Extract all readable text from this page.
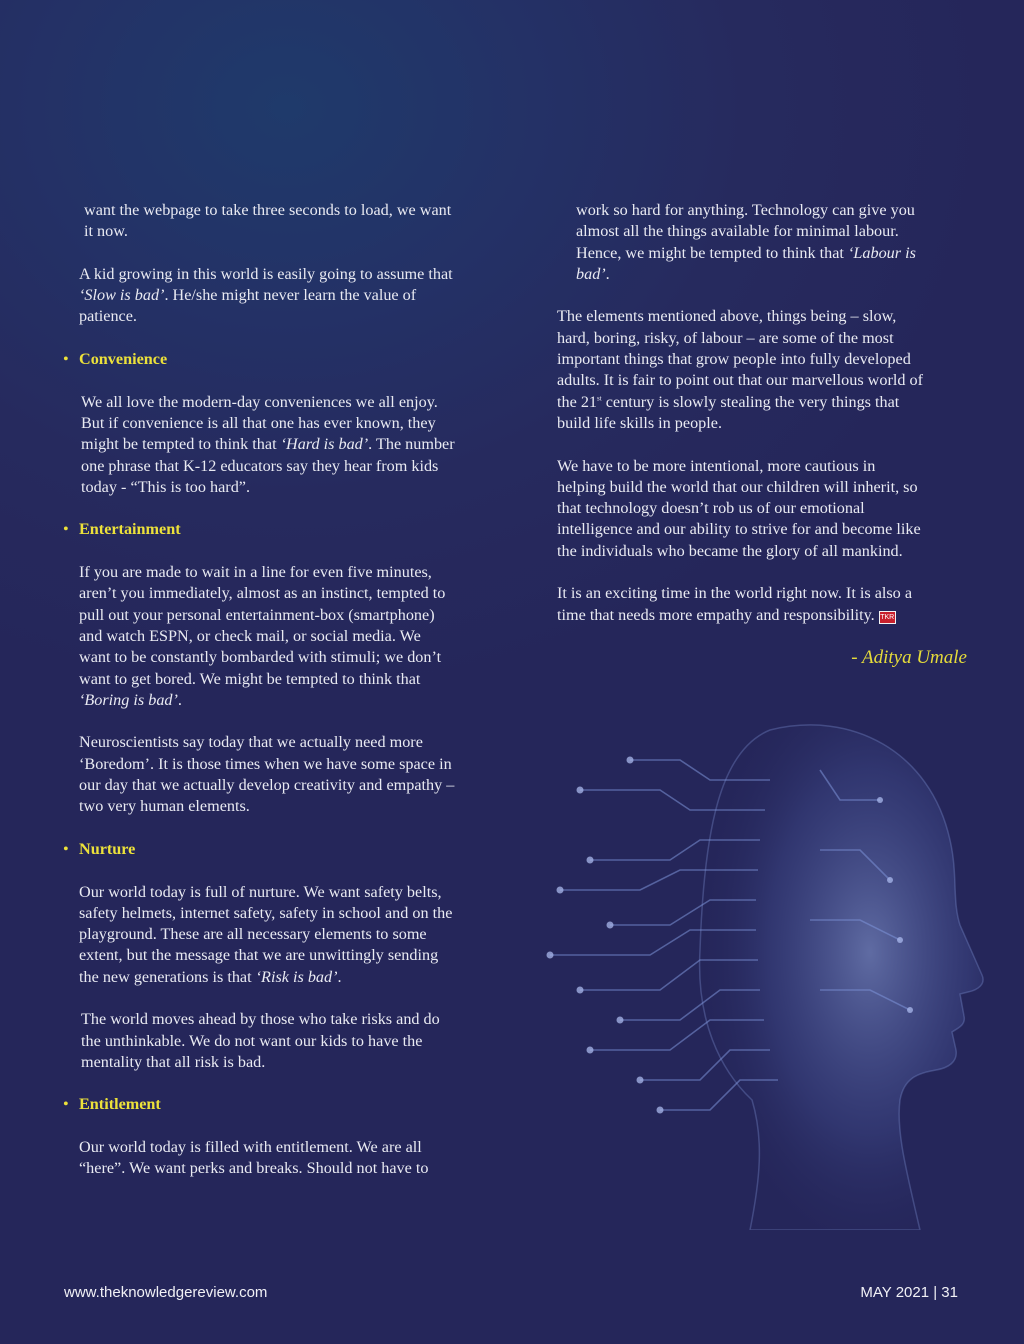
want the webpage to take three seconds to load, we want
it now.

A kid growing in this world is easily going to assume that
‘Slow is bad’. He/she might never learn the value of
patience.

• Convenience

We all love the modern-day conveniences we all enjoy.
But if convenience is all that one has ever known, they
might be tempted to think that ‘Hard is bad’. The number
one phrase that K-12 educators say they hear from kids
today - “This is too hard”.

• Entertainment

If you are made to wait in a line for even five minutes,
aren’t you immediately, almost as an instinct, tempted to
pull out your personal entertainment-box (smartphone)
and watch ESPN, or check mail, or social media. We
want to be constantly bombarded with stimuli; we don’t
want to get bored. We might be tempted to think that
‘Boring is bad’.

Neuroscientists say today that we actually need more
‘Boredom’. It is those times when we have some space in
our day that we actually develop creativity and empathy –
two very human elements.

• Nurture

Our world today is full of nurture. We want safety belts,
safety helmets, internet safety, safety in school and on the
playground. These are all necessary elements to some
extent, but the message that we are unwittingly sending
the new generations is that ‘Risk is bad’.

The world moves ahead by those who take risks and do
the unthinkable. We do not want our kids to have the
mentality that all risk is bad.

• Entitlement

Our world today is filled with entitlement. We are all
“here”. We want perks and breaks. Should not have to

work so hard for anything. Technology can give you
almost all the things available for minimal labour.
Hence, we might be tempted to think that ‘Labour is
bad’.

The elements mentioned above, things being – slow,
hard, boring, risky, of labour – are some of the most
important things that grow people into fully developed
adults. It is fair to point out that our marvellous world of
the 21st century is slowly stealing the very things that
build life skills in people.

We have to be more intentional, more cautious in
helping build the world that our children will inherit, so
that technology doesn’t rob us of our emotional
intelligence and our ability to strive for and become like
the individuals who became the glory of all mankind.

It is an exciting time in the world right now. It is also a
time that needs more empathy and responsibility. TKR

- Aditya Umale

www.theknowledgereview.com	MAY 2021 | 31
